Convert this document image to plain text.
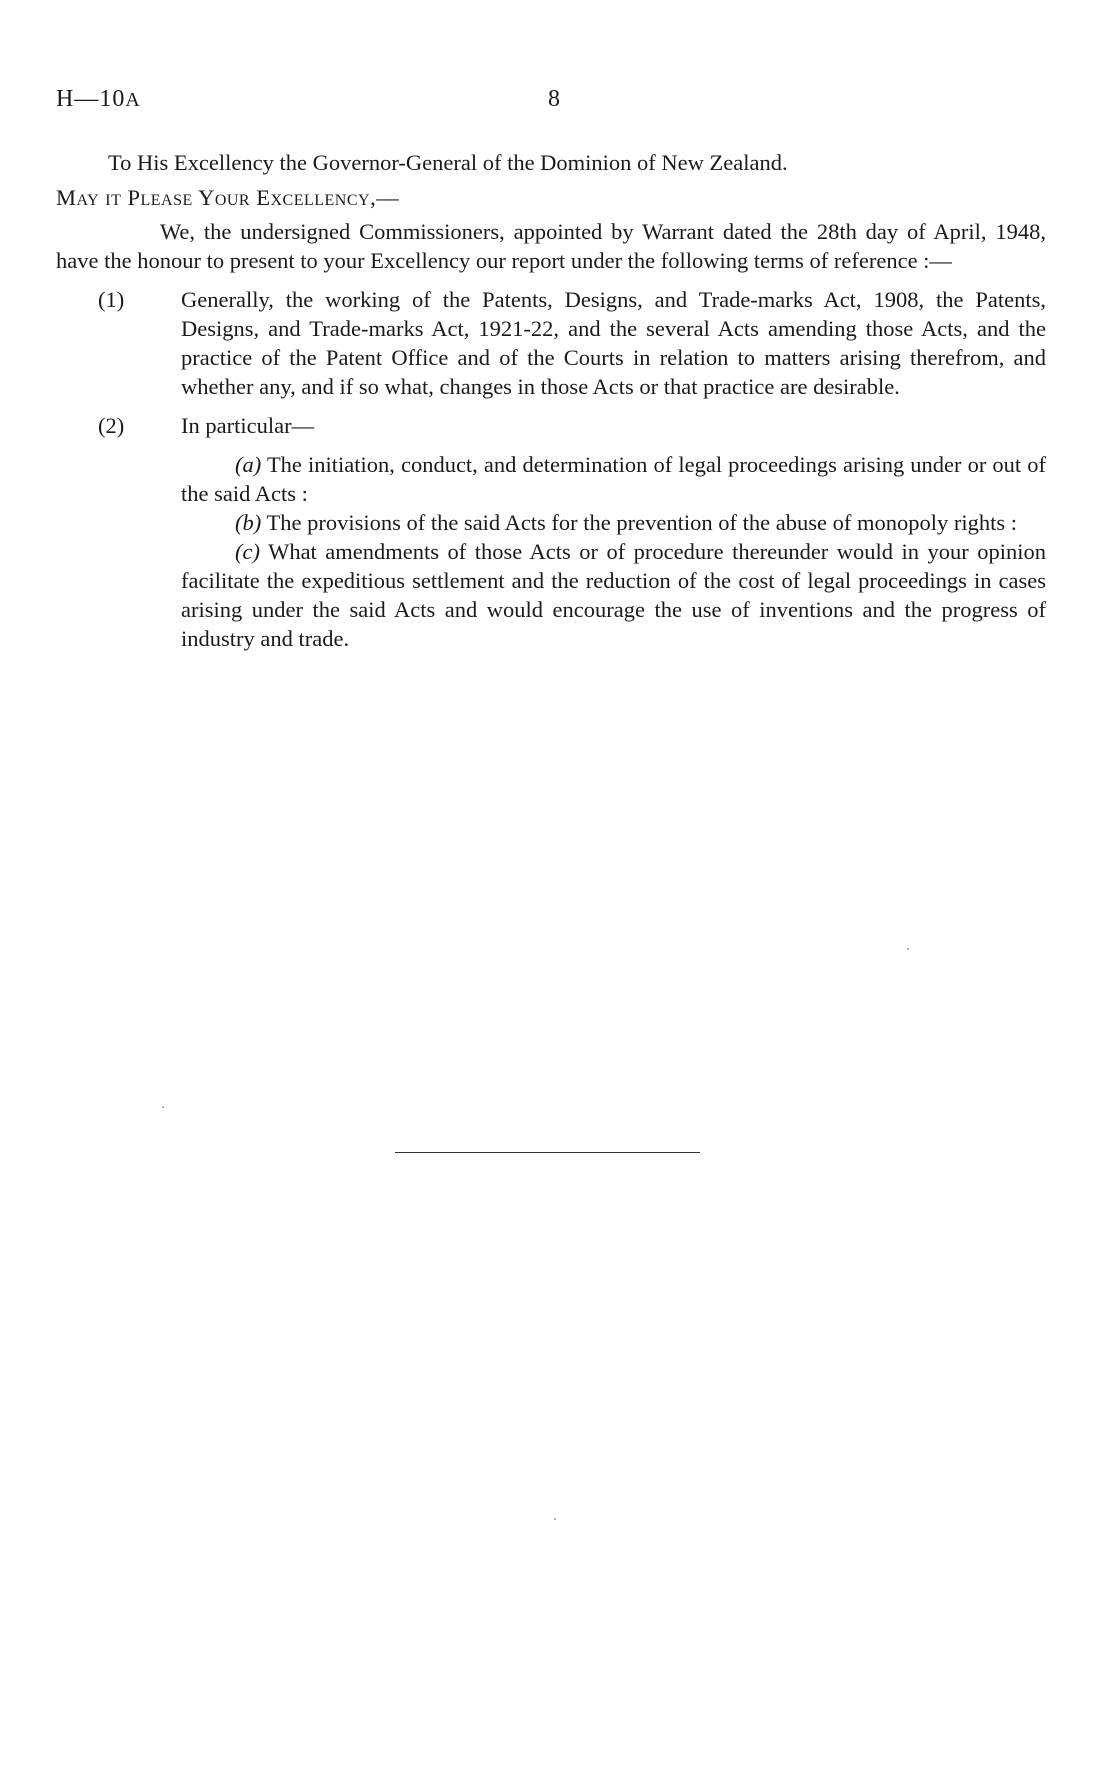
H—10A	8

To His Excellency the Governor-General of the Dominion of New Zealand.

May it Please Your Excellency,—

We, the undersigned Commissioners, appointed by Warrant dated the 28th day of April, 1948, have the honour to present to your Excellency our report under the following terms of reference :—

(1)	Generally, the working of the Patents, Designs, and Trade-marks Act, 1908, the Patents, Designs, and Trade-marks Act, 1921-22, and the several Acts amending those Acts, and the practice of the Patent Office and of the Courts in relation to matters arising therefrom, and whether any, and if so what, changes in those Acts or that practice are desirable.
(2)	In particular—

(a) The initiation, conduct, and determination of legal proceedings arising under or out of the said Acts :

(b) The provisions of the said Acts for the prevention of the abuse of monopoly rights :

(c) What amendments of those Acts or of procedure thereunder would in your opinion facilitate the expeditious settlement and the reduction of the cost of legal proceedings in cases arising under the said Acts and would encourage the use of inventions and the progress of industry and trade.
